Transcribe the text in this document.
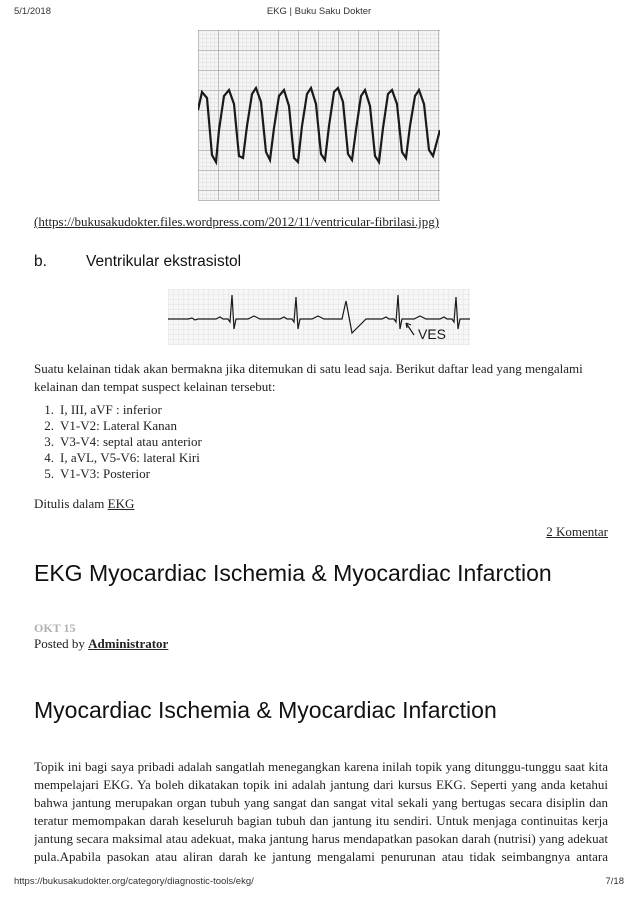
5/1/2018	EKG | Buku Saku Dokter
(https://bukusakudokter.files.wordpress.com/2012/11/ventricular-fibrilasi.jpg)
b.	Ventrikular ekstrasistol
VES

Suatu kelainan tidak akan bermakna jika ditemukan di satu lead saja. Berikut daftar lead yang mengalami kelainan dan tempat suspect kelainan tersebut:

1. I, III, aVF : inferior
2. V1-V2: Lateral Kanan
3. V3-V4: septal atau anterior
4. I, aVL, V5-V6: lateral Kiri
5. V1-V3: Posterior
Ditulis dalam EKG
2 Komentar
EKG Myocardiac Ischemia & Myocardiac Infarction
OKT 15
Posted by Administrator
Myocardiac Ischemia & Myocardiac Infarction

Topik ini bagi saya pribadi adalah sangatlah menegangkan karena inilah topik yang ditunggu-tunggu saat kita mempelajari EKG. Ya boleh dikatakan topik ini adalah jantung dari kursus EKG. Seperti yang anda ketahui bahwa jantung merupakan organ tubuh yang sangat dan sangat vital sekali yang bertugas secara disiplin dan teratur memompakan darah keseluruh bagian tubuh dan jantung itu sendiri. Untuk menjaga continuitas kerja jantung secara maksimal atau adekuat, maka jantung harus mendapatkan pasokan darah (nutrisi) yang adekuat pula.Apabila pasokan atau aliran darah ke jantung mengalami penurunan atau tidak seimbangnya antara

https://bukusakudokter.org/category/diagnostic-tools/ekg/	7/18
